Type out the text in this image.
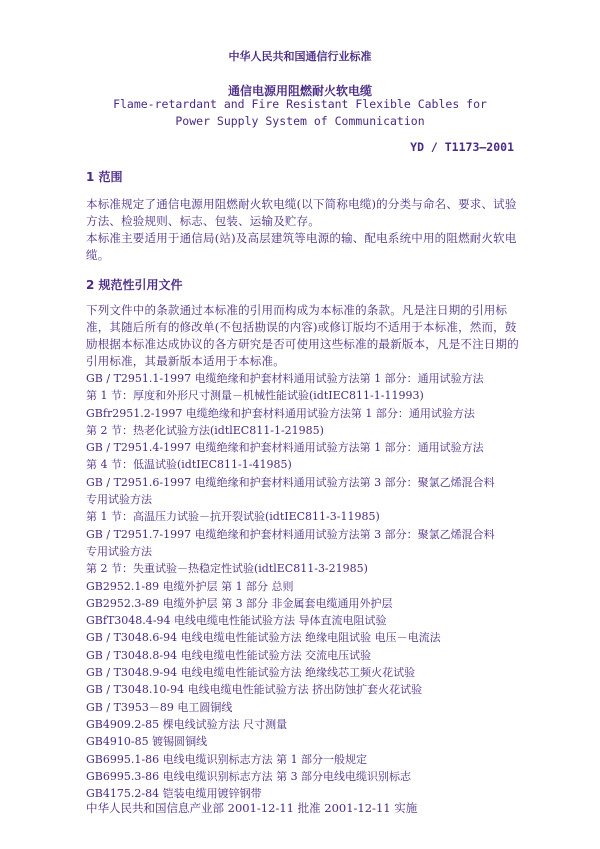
中华人民共和国通信行业标准
通信电源用阻燃耐火软电缆
Flame-retardant and Fire Resistant Flexible Cables for
Power Supply System of Communication
YD / T1173—2001
1 范围

本标准规定了通信电源用阻燃耐火软电缆(以下简称电缆)的分类与命名、要求、试验方法、检验规则、标志、包装、运输及贮存。

本标准主要适用于通信局(站)及高层建筑等电源的输、配电系统中用的阻燃耐火软电缆。

2 规范性引用文件

下列文件中的条款通过本标准的引用而构成为本标准的条款。凡是注日期的引用标准，其随后所有的修改单(不包括勘误的内容)或修订版均不适用于本标准，然而，鼓励根据本标准达成协议的各方研究是否可使用这些标准的最新版本，凡是不注日期的引用标准，其最新版本适用于本标准。

GB / T2951.1-1997 电缆绝缘和护套材料通用试验方法第 1 部分：通用试验方法
第 1 节：厚度和外形尺寸测量－机械性能试验(idtIEC811-1-11993)
GBfr2951.2-1997 电缆绝缘和护套材料通用试验方法第 1 部分：通用试验方法
第 2 节：热老化试验方法(idtlEC811-1-21985)
GB / T2951.4-1997 电缆绝缘和护套材料通用试验方法第 1 部分：通用试验方法
第 4 节：低温试验(idtIEC811-1-41985)
GB / T2951.6-1997 电缆绝缘和护套材料通用试验方法第 3 部分：聚氯乙烯混合料
专用试验方法
第 1 节：高温压力试验－抗开裂试验(idtIEC811-3-11985)
GB / T2951.7-1997 电缆绝缘和护套材料通用试验方法第 3 部分：聚氯乙烯混合料
专用试验方法
第 2 节：失重试验－热稳定性试验(idtlEC811-3-21985)
GB2952.1-89 电缆外护层 第 1 部分 总则
GB2952.3-89 电缆外护层 第 3 部分 非金属套电缆通用外护层
GBfT3048.4-94 电线电缆电性能试验方法 导体直流电阻试验
GB / T3048.6-94 电线电缆电性能试验方法 绝缘电阻试验 电压－电流法
GB / T3048.8-94 电线电缆电性能试验方法 交流电压试验
GB / T3048.9-94 电线电缆电性能试验方法 绝缘线芯工频火花试验
GB / T3048.10-94 电线电缆电性能试验方法 挤出防蚀扩套火花试验
GB / T3953－89 电工圆铜线
GB4909.2-85 棵电线试验方法 尺寸测量
GB4910-85 镀锡圆铜线
GB6995.1-86 电线电缆识别标志方法 第 1 部分一般规定
GB6995.3-86 电线电缆识别标志方法 第 3 部分电线电缆识别标志
GB4175.2-84 铠装电缆用镀锌钢带
中华人民共和国信息产业部 2001-12-11 批准 2001-12-11 实施
